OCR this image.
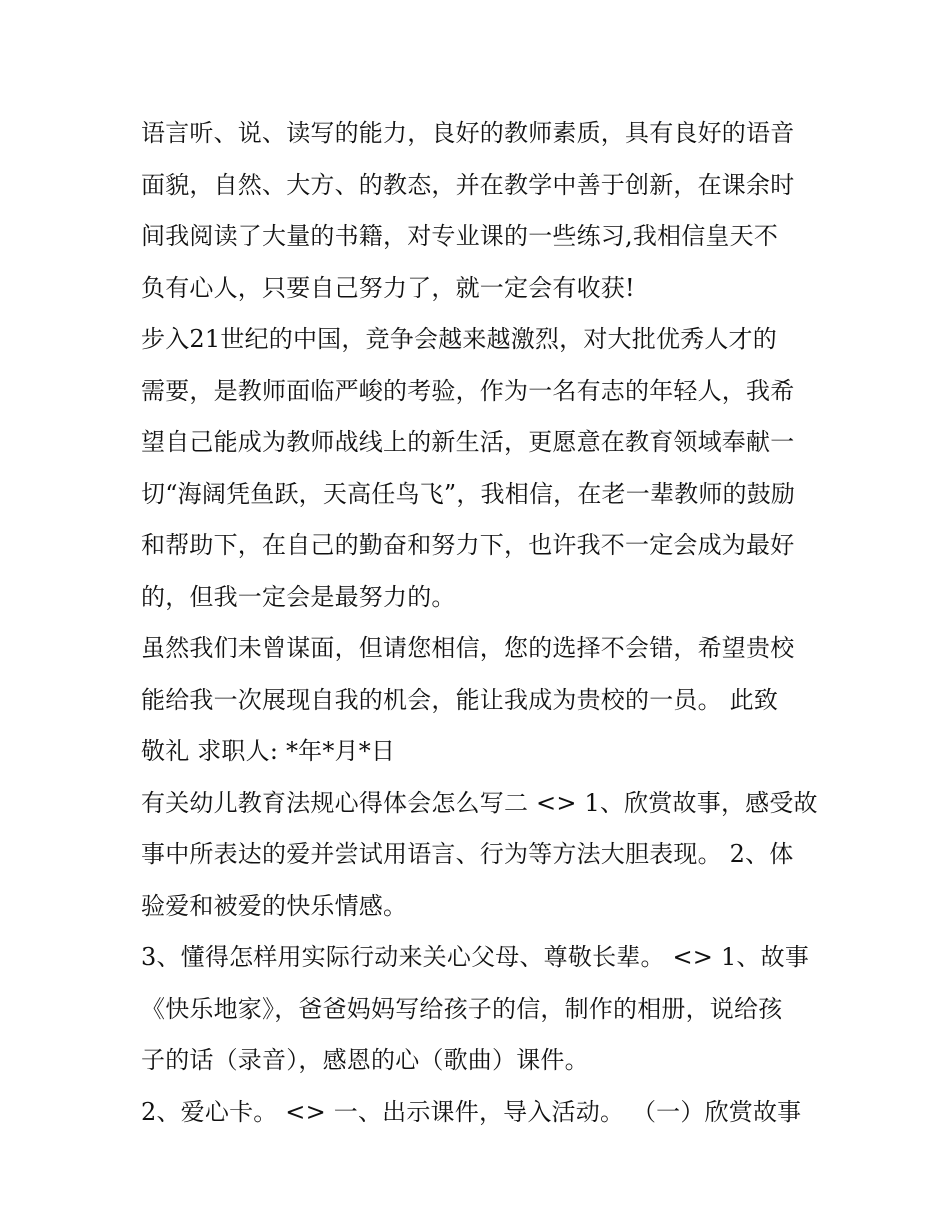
语言听、说、读写的能力，良好的教师素质，具有良好的语音
面貌，自然、大方、的教态，并在教学中善于创新，在课余时
间我阅读了大量的书籍，对专业课的一些练习,我相信皇天不
负有心人，只要自己努力了，就一定会有收获!
步入21世纪的中国，竞争会越来越激烈，对大批优秀人才的
需要，是教师面临严峻的考验，作为一名有志的年轻人，我希
望自己能成为教师战线上的新生活，更愿意在教育领域奉献一
切“海阔凭鱼跃，天高任鸟飞”，我相信，在老一辈教师的鼓励
和帮助下，在自己的勤奋和努力下，也许我不一定会成为最好
的，但我一定会是最努力的。
虽然我们未曾谋面，但请您相信，您的选择不会错，希望贵校
能给我一次展现自我的机会，能让我成为贵校的一员。 此致
敬礼 求职人: *年*月*日
有关幼儿教育法规心得体会怎么写二 <> 1、欣赏故事，感受故
事中所表达的爱并尝试用语言、行为等方法大胆表现。 2、体
验爱和被爱的快乐情感。
3、懂得怎样用实际行动来关心父母、尊敬长辈。 <> 1、故事
《快乐地家》，爸爸妈妈写给孩子的信，制作的相册，说给孩
子的话（录音），感恩的心（歌曲）课件。
2、爱心卡。 <> 一、出示课件，导入活动。 （一）欣赏故事
